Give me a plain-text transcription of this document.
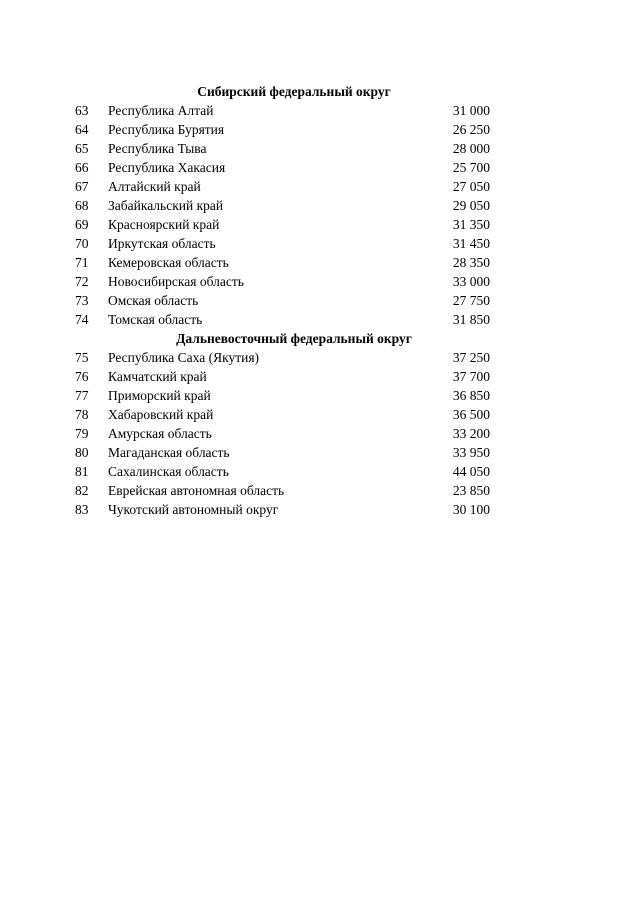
Сибирский федеральный округ
63	Республика Алтай	31 000
64	Республика Бурятия	26 250
65	Республика Тыва	28 000
66	Республика Хакасия	25 700
67	Алтайский край	27 050
68	Забайкальский край	29 050
69	Красноярский край	31 350
70	Иркутская область	31 450
71	Кемеровская область	28 350
72	Новосибирская область	33 000
73	Омская область	27 750
74	Томская область	31 850
Дальневосточный федеральный округ
75	Республика Саха (Якутия)	37 250
76	Камчатский край	37 700
77	Приморский край	36 850
78	Хабаровский край	36 500
79	Амурская область	33 200
80	Магаданская область	33 950
81	Сахалинская область	44 050
82	Еврейская автономная область	23 850
83	Чукотский автономный округ	30 100
